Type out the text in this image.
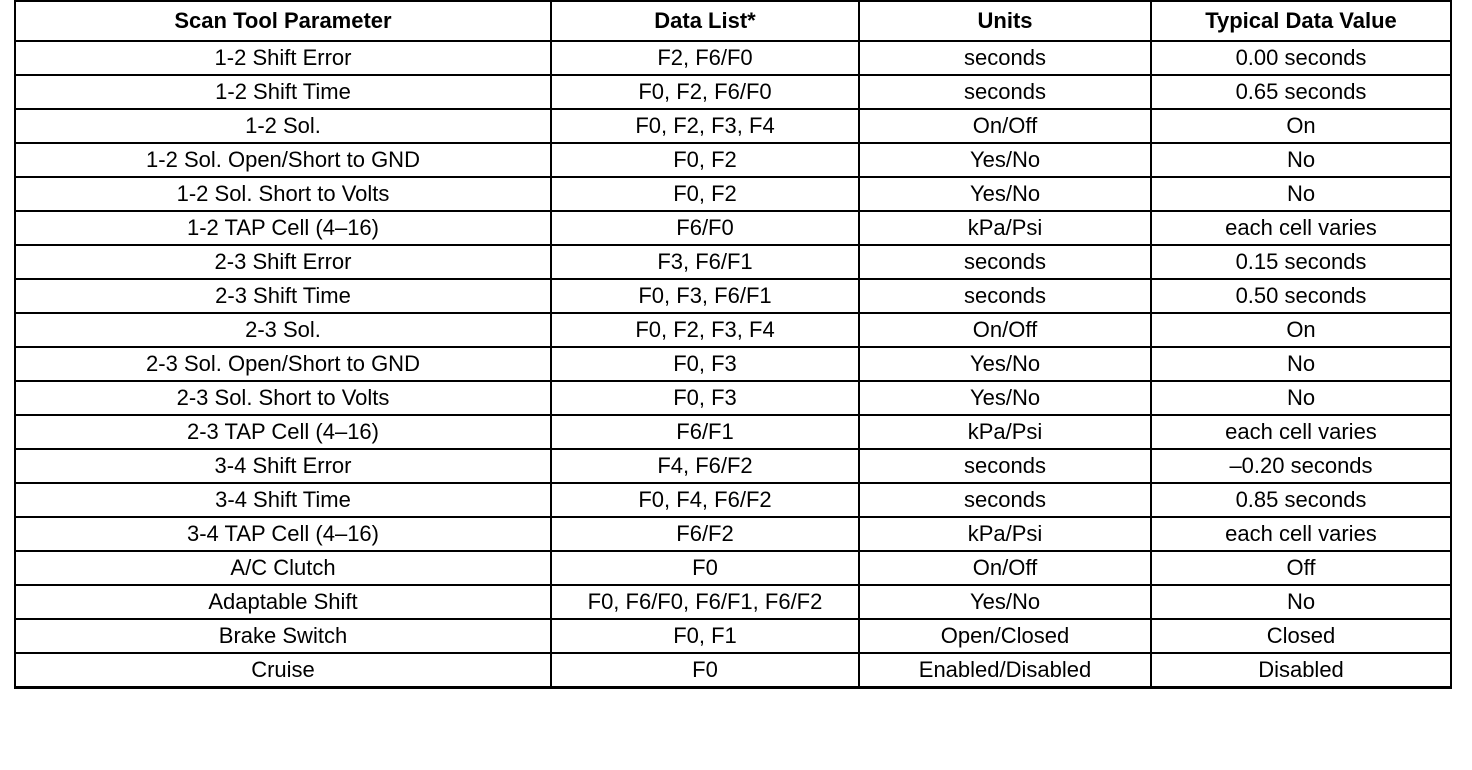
Scan Tool Parameter	Data List*	Units	Typical Data Value
1-2 Shift Error	F2, F6/F0	seconds	0.00 seconds
1-2 Shift Time	F0, F2, F6/F0	seconds	0.65 seconds
1-2 Sol.	F0, F2, F3, F4	On/Off	On
1-2 Sol. Open/Short to GND	F0, F2	Yes/No	No
1-2 Sol. Short to Volts	F0, F2	Yes/No	No
1-2 TAP Cell (4–16)	F6/F0	kPa/Psi	each cell varies
2-3 Shift Error	F3, F6/F1	seconds	0.15 seconds
2-3 Shift Time	F0, F3, F6/F1	seconds	0.50 seconds
2-3 Sol.	F0, F2, F3, F4	On/Off	On
2-3 Sol. Open/Short to GND	F0, F3	Yes/No	No
2-3 Sol. Short to Volts	F0, F3	Yes/No	No
2-3 TAP Cell (4–16)	F6/F1	kPa/Psi	each cell varies
3-4 Shift Error	F4, F6/F2	seconds	–0.20 seconds
3-4 Shift Time	F0, F4, F6/F2	seconds	0.85 seconds
3-4 TAP Cell (4–16)	F6/F2	kPa/Psi	each cell varies
A/C Clutch	F0	On/Off	Off
Adaptable Shift	F0, F6/F0, F6/F1, F6/F2	Yes/No	No
Brake Switch	F0, F1	Open/Closed	Closed
Cruise	F0	Enabled/Disabled	Disabled
